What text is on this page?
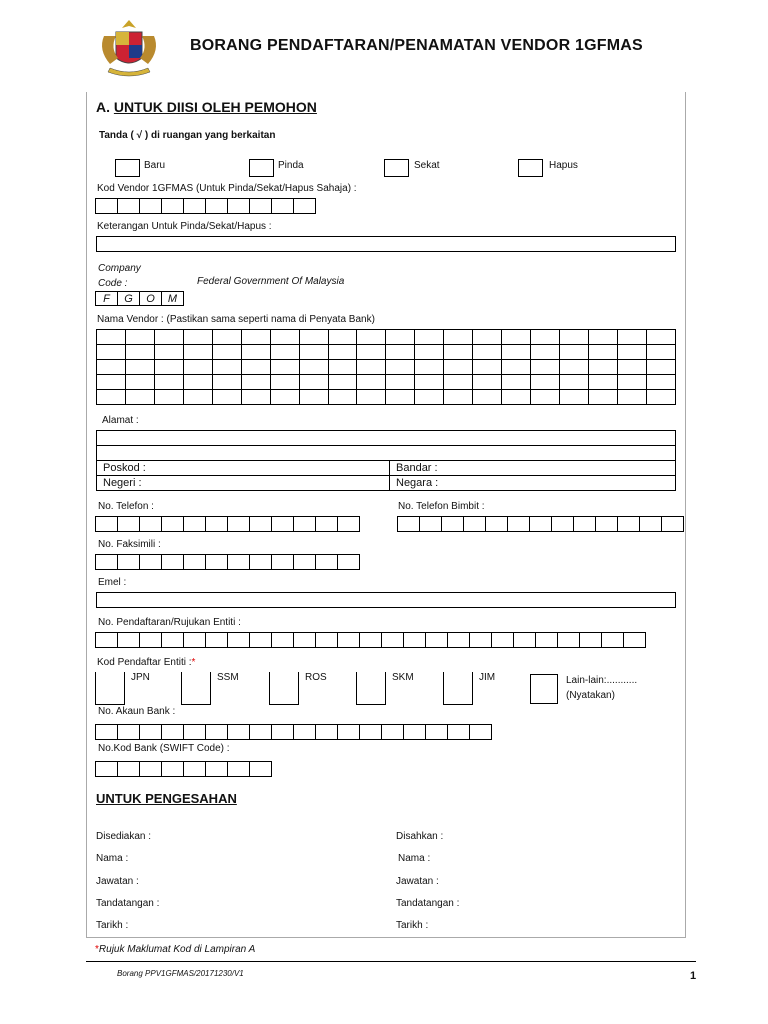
BORANG PENDAFTARAN/PENAMATAN VENDOR 1GFMAS
A. UNTUK DIISI OLEH PEMOHON
Tanda ( √ ) di ruangan yang berkaitan
Baru	Pinda	Sekat	Hapus
Kod Vendor 1GFMAS (Untuk Pinda/Sekat/Hapus Sahaja) :
Keterangan Untuk Pinda/Sekat/Hapus :
Company
Code :	Federal Government Of Malaysia
F	G	O	M
Nama Vendor : (Pastikan sama seperti nama di Penyata Bank)

Alamat :
Poskod :	Bandar :
Negeri :	Negara :
No. Telefon :	No. Telefon Bimbit :
No. Faksimili :
Emel :
No. Pendaftaran/Rujukan Entiti :
Kod Pendaftar Entiti :*
JPN	SSM	ROS	SKM	JIM	Lain-lain:...........
(Nyatakan)
No. Akaun Bank :
No.Kod Bank (SWIFT Code) :
UNTUK PENGESAHAN
Disediakan :
Nama :
Jawatan :
Tandatangan :
Tarikh :
Disahkan :
Nama :
Jawatan :
Tandatangan :
Tarikh :
*Rujuk Maklumat Kod di Lampiran A
Borang PPV1GFMAS/20171230/V1	1
